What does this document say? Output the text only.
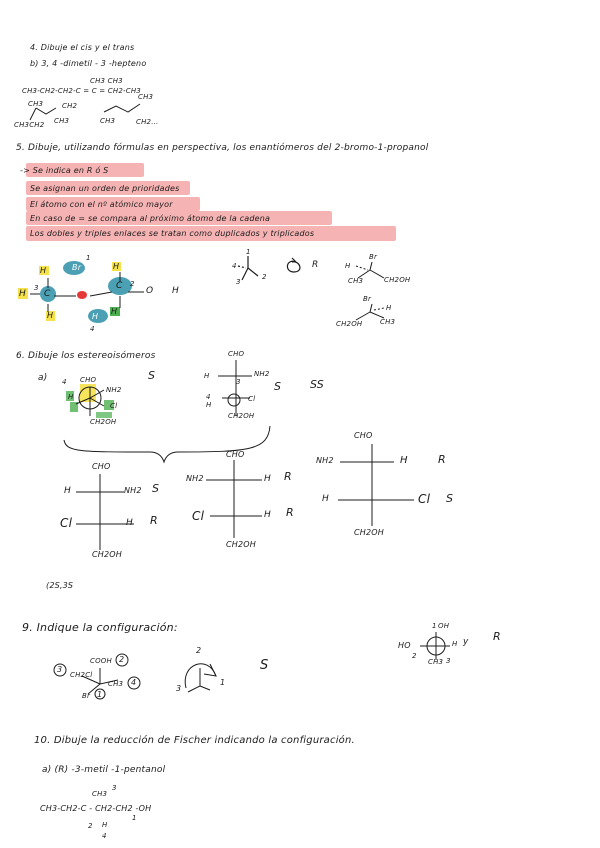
4. Dibuje el cis y el trans
b) 3, 4 -dimetil - 3 -hepteno
CH3 CH3
CH3-CH2-CH2-C = C = CH2-CH3
CH3	CH2
CH3CH2 CH3
CH3
CH3	CH2...
5. Dibuje, utilizando fórmulas en perspectiva, los enantiómeros del 2-bromo-1-propanol
-> Se indica en R ó S
Se asignan un orden de prioridades
El átomo con el nº atómico mayor
En caso de = se compara al próximo átomo de la cadena
Los dobles y triples enlaces se tratan como duplicados y triplicados
Br
1
H	H
3
H C
C 2
O H
H	H
H
4
1
4
3
2
R
Br
H
CH3	CH2OH
Br
H
CH2OH	CH3
6. Dibuje los estereoisómeros
a) 4 CHO
NH2
H
Cl
CH2OH
S
CHO
H	NH2
3
4
H
Cl
CH2OH
S	SS
CHO
H	NH2 S
Cl	H R
CH2OH
CHO
NH2	H R
Cl	H R
CH2OH
CHO
NH2	H	R
H	Cl S
CH2OH
(2S,3S
9. Indique la configuración:
3
COOH 2
CH2Cl
CH3 4
Br 1
2
3
1
S
1 OH
HO
2
H
CH3 3
y R
10. Dibuje la reducción de Fischer indicando la configuración.
a) (R) -3-metil -1-pentanol
CH3
3
CH3-CH2-C - CH2-CH2 -OH
1
2 H
4
